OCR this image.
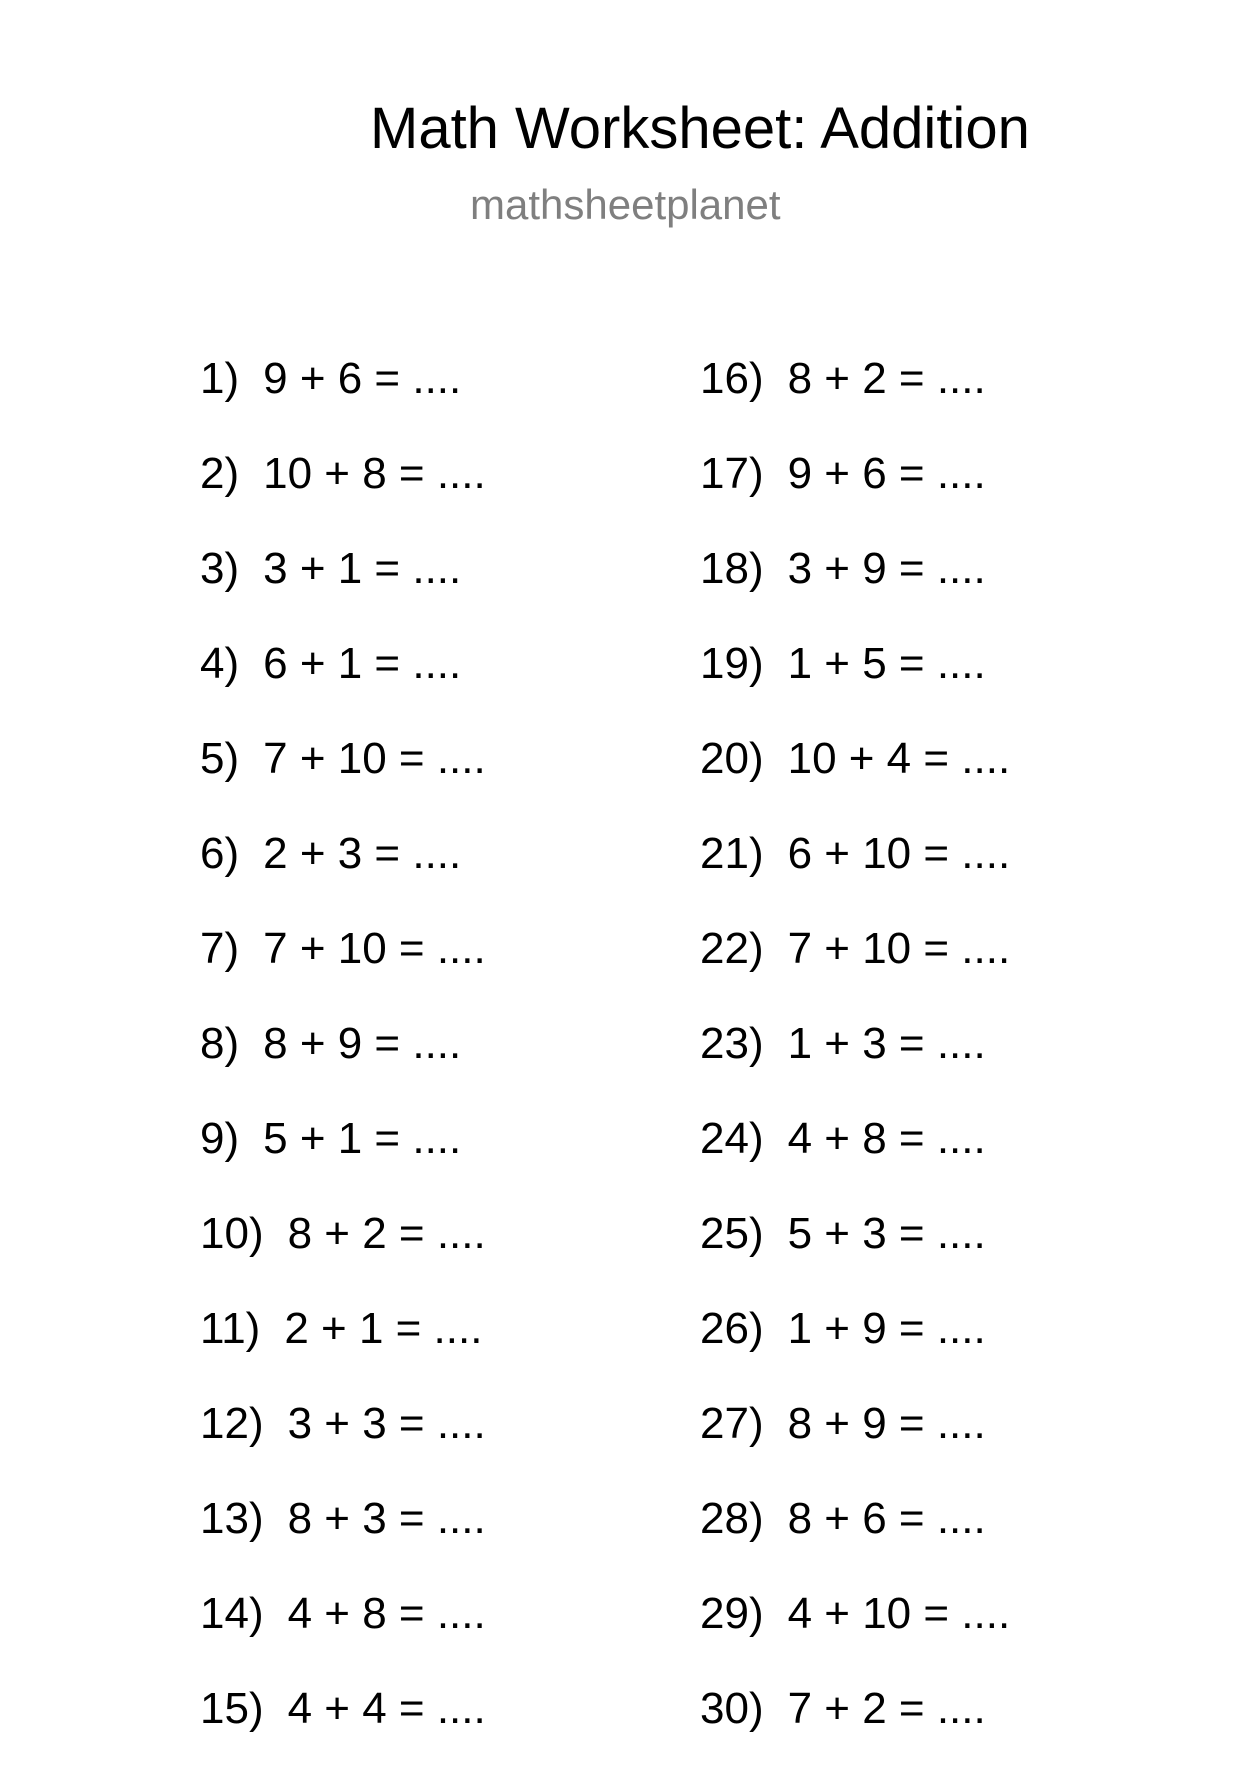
Math Worksheet: Addition
mathsheetplanet
1) 9 + 6 = ....
2) 10 + 8 = ....
3) 3 + 1 = ....
4) 6 + 1 = ....
5) 7 + 10 = ....
6) 2 + 3 = ....
7) 7 + 10 = ....
8) 8 + 9 = ....
9) 5 + 1 = ....
10) 8 + 2 = ....
11) 2 + 1 = ....
12) 3 + 3 = ....
13) 8 + 3 = ....
14) 4 + 8 = ....
15) 4 + 4 = ....
16) 8 + 2 = ....
17) 9 + 6 = ....
18) 3 + 9 = ....
19) 1 + 5 = ....
20) 10 + 4 = ....
21) 6 + 10 = ....
22) 7 + 10 = ....
23) 1 + 3 = ....
24) 4 + 8 = ....
25) 5 + 3 = ....
26) 1 + 9 = ....
27) 8 + 9 = ....
28) 8 + 6 = ....
29) 4 + 10 = ....
30) 7 + 2 = ....
